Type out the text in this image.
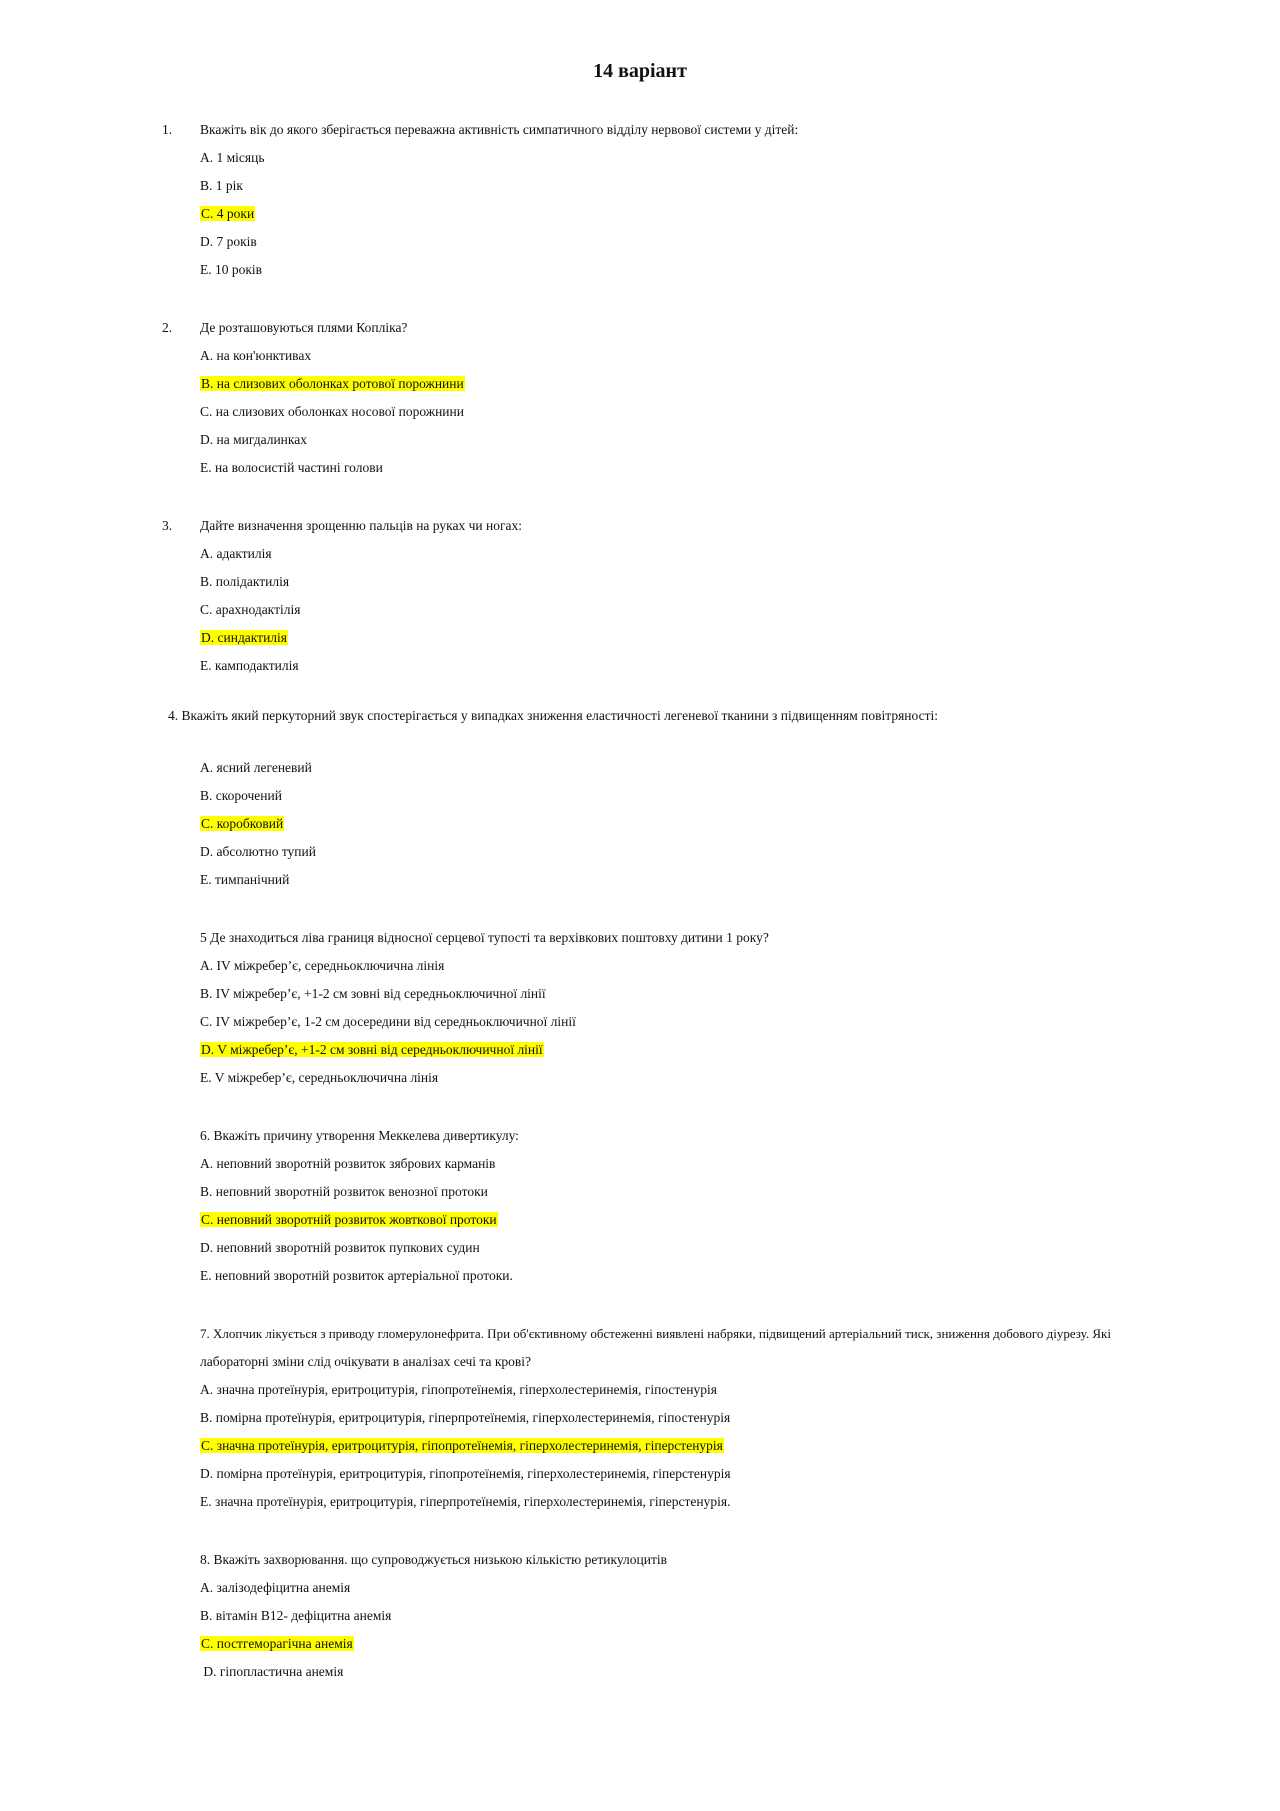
14 варіант
1. Вкажіть вік до якого зберігається переважна активність симпатичного відділу нервової системи у дітей:
A. 1 місяць
B. 1 рік
C. 4 роки
D. 7 років
E. 10 років
2. Де розташовуються плями Копліка?
A. на кон'юнктивах
B. на слизових оболонках ротової порожнини
C. на слизових оболонках носової порожнини
D. на мигдалинках
E. на волосистій частині голови
3. Дайте визначення зрощенню пальців на руках чи ногах:
A. адактилія
B. полідактилія
C. арахнодактілія
D. синдактилія
E. камподактилія
4. Вкажіть який перкуторний звук спостерігається у випадках зниження еластичності легеневої тканини з підвищенням повітряності:
A. ясний легеневий
B. скорочений
C. коробковий
D. абсолютно тупий
E. тимпанічний
5 Де знаходиться ліва границя відносної серцевої тупості та верхівкових поштовху дитини 1 року?
A. IV міжребер’є, середньоключична лінія
B. IV міжребер’є, +1-2 см зовні від середньоключичної лінії
C. IV міжребер’є, 1-2 см досередини від середньоключичної лінії
D. V міжребер’є, +1-2 см зовні від середньоключичної лінії
E. V міжребер’є, середньоключична лінія
6. Вкажіть причину утворення Меккелева дивертикулу:
A. неповний зворотній розвиток зябрових карманів
B. неповний зворотній розвиток венозної протоки
C. неповний зворотній розвиток жовткової протоки
D. неповний зворотній розвиток пупкових судин
E. неповний зворотній розвиток артеріальної протоки.
7. Хлопчик лікується з приводу гломерулонефрита. При об'єктивному обстеженні виявлені набряки, підвищений артеріальний тиск, зниження добового діурезу. Які
лабораторні зміни слід очікувати в аналізах сечі та крові?
A. значна протеїнурія, еритроцитурія, гіпопротеїнемія, гіперхолестеринемія, гіпостенурія
B. помірна протеїнурія, еритроцитурія, гіперпротеїнемія, гіперхолестеринемія, гіпостенурія
C. значна протеїнурія, еритроцитурія, гіпопротеїнемія, гіперхолестеринемія, гіперстенурія
D. помірна протеїнурія, еритроцитурія, гіпопротеїнемія, гіперхолестеринемія, гіперстенурія
E. значна протеїнурія, еритроцитурія, гіперпротеїнемія, гіперхолестеринемія, гіперстенурія.
8. Вкажіть захворювання. що супроводжується низькою кількістю ретикулоцитів
A. залізодефіцитна анемія
B. вітамін B12- дефіцитна анемія
C. постгеморагічна анемія
D. гіпопластична анемія
